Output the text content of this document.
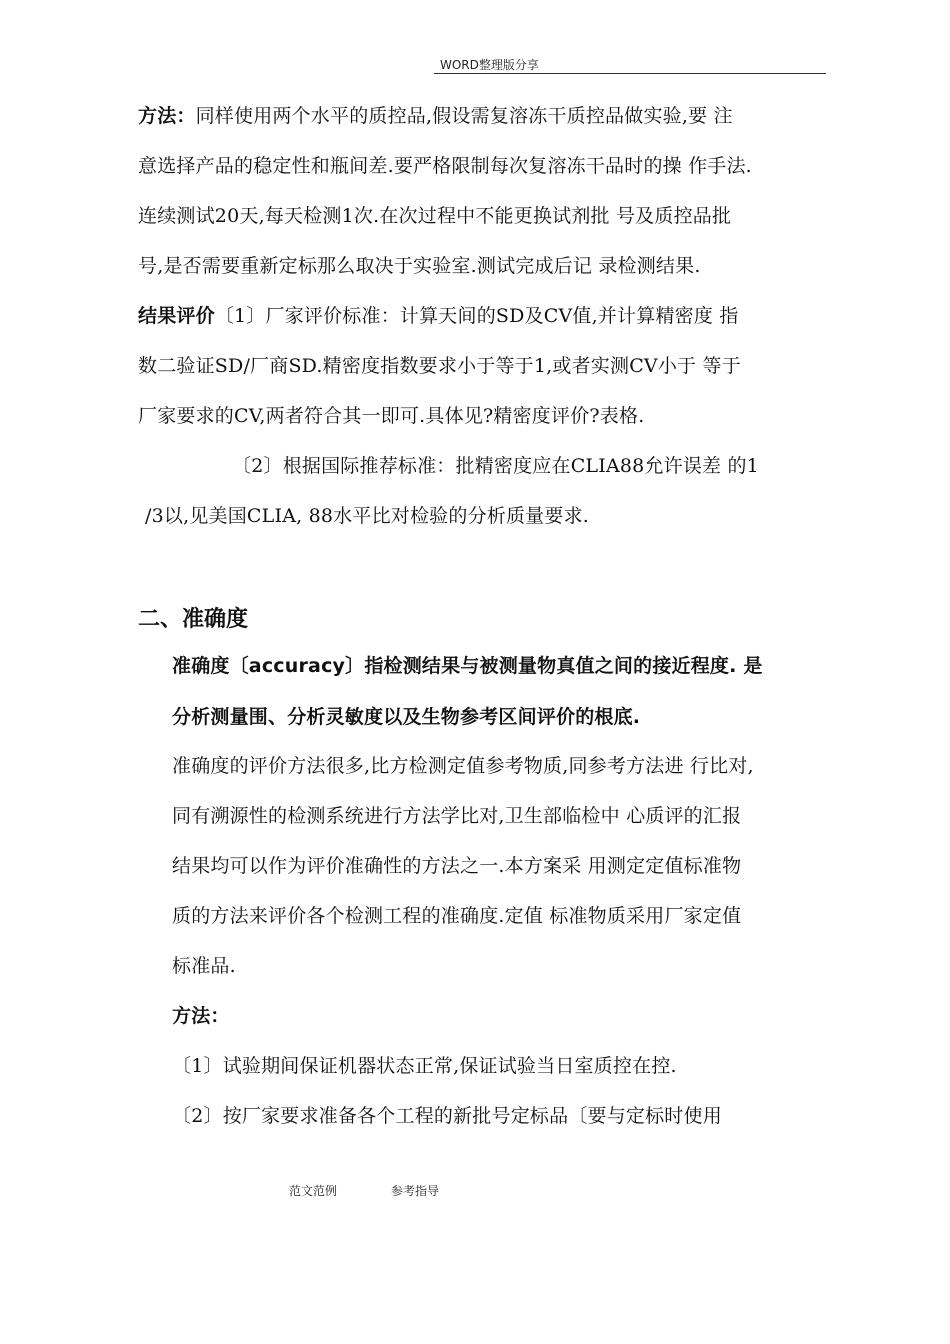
WORD整理版分享
方法：同样使用两个水平的质控品,假设需复溶冻干质控品做实验,要 注
意选择产品的稳定性和瓶间差.要严格限制每次复溶冻干品时的操 作手法.
连续测试20天,每天检测1次.在次过程中不能更换试剂批 号及质控品批
号,是否需要重新定标那么取决于实验室.测试完成后记 录检测结果.
结果评价〔1〕厂家评价标准：计算天间的SD及CV值,并计算精密度 指
数二验证SD/厂商SD.精密度指数要求小于等于1,或者实测CV小于 等于
厂家要求的CV,两者符合其一即可.具体见?精密度评价?表格.
〔2〕根据国际推荐标准：批精密度应在CLIA88允许误差 的1
/3以,见美国CLIA, 88水平比对检验的分析质量要求.
二、准确度
准确度〔accuracy〕指检测结果与被测量物真值之间的接近程度. 是
分析测量围、分析灵敏度以及生物参考区间评价的根底.
准确度的评价方法很多,比方检测定值参考物质,同参考方法进 行比对,
同有溯源性的检测系统进行方法学比对,卫生部临检中 心质评的汇报
结果均可以作为评价准确性的方法之一.本方案采 用测定定值标准物
质的方法来评价各个检测工程的准确度.定值 标准物质采用厂家定值
标准品.
方法：
〔1〕试验期间保证机器状态正常,保证试验当日室质控在控.
〔2〕按厂家要求准备各个工程的新批号定标品〔要与定标时使用
范文范例	参考指导
